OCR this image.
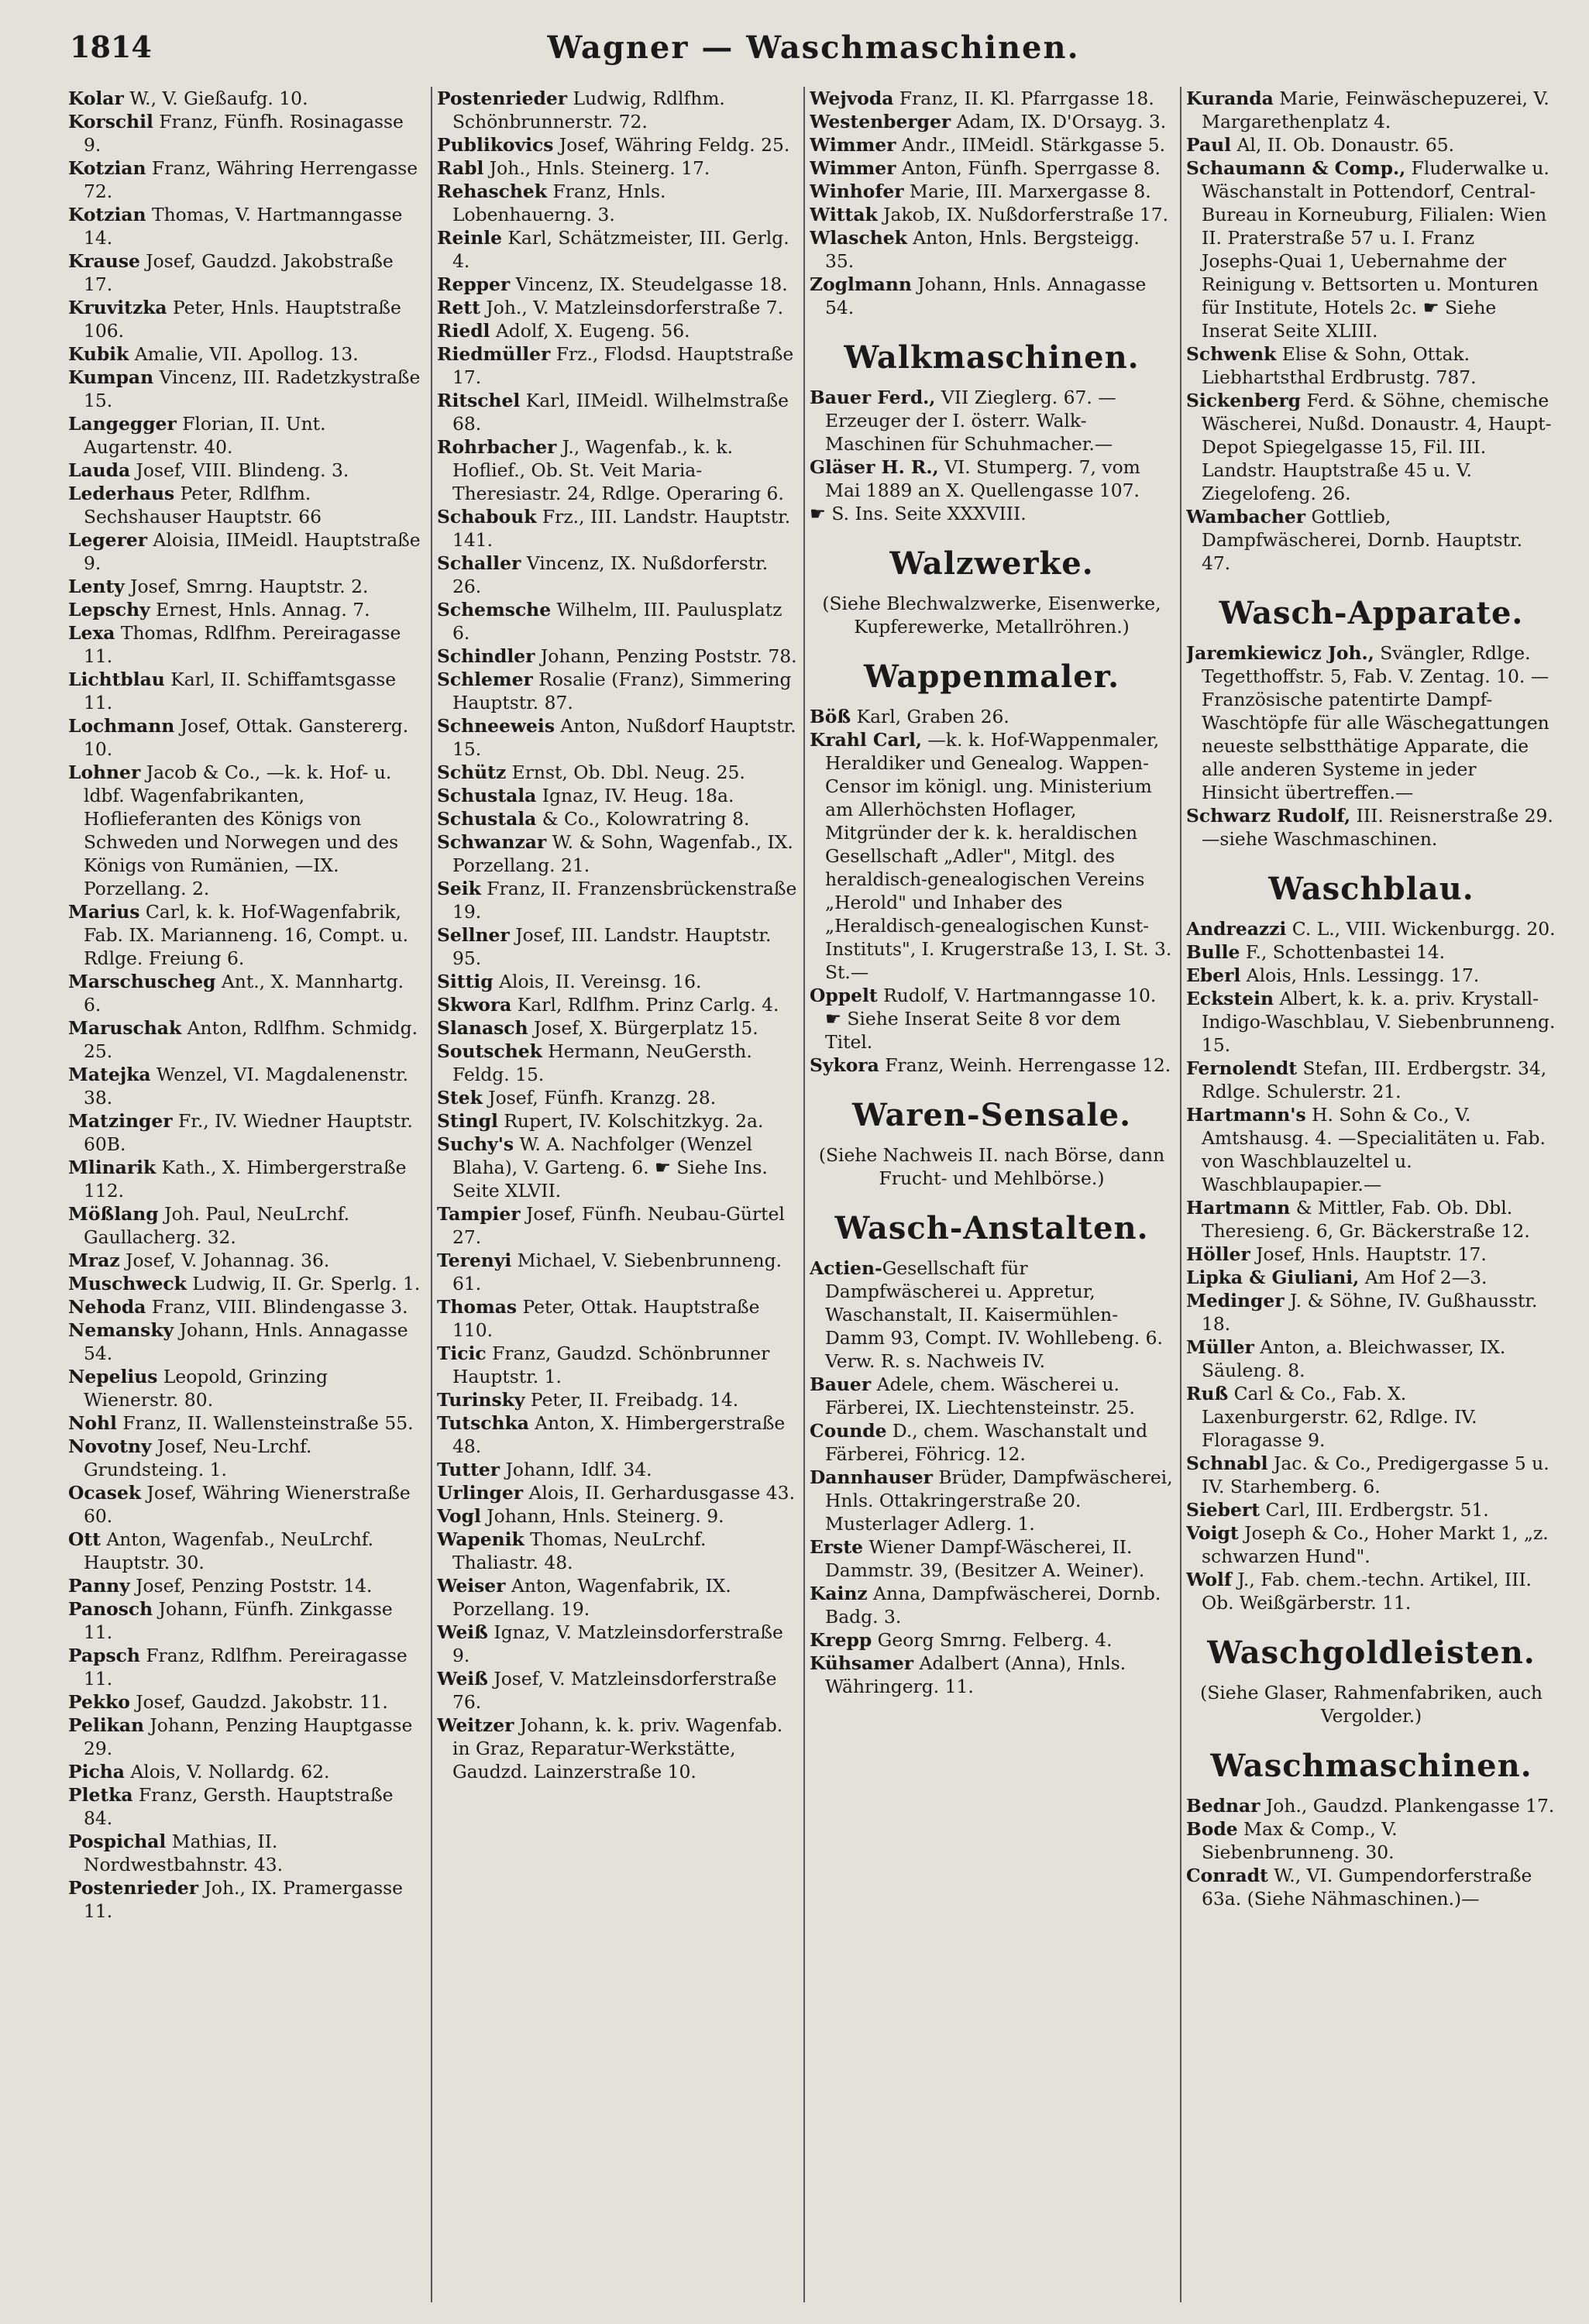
1814	Wagner — Waschmaschinen.

Kolar W., V. Gießaufg. 10.

Korschil Franz, Fünfh. Rosinagasse 9.

Kotzian Franz, Währing Herrengasse 72.

Kotzian Thomas, V. Hartmanngasse 14.

Krause Josef, Gaudzd. Jakobstraße 17.

Kruvitzka Peter, Hnls. Hauptstraße 106.

Kubik Amalie, VII. Apollog. 13.

Kumpan Vincenz, III. Radetzkystraße 15.

Langegger Florian, II. Unt. Augartenstr. 40.

Lauda Josef, VIII. Blindeng. 3.

Lederhaus Peter, Rdlfhm. Sechshauser Hauptstr. 66

Legerer Aloisia, IIMeidl. Hauptstraße 9.

Lenty Josef, Smrng. Hauptstr. 2.

Lepschy Ernest, Hnls. Annag. 7.

Lexa Thomas, Rdlfhm. Pereiragasse 11.

Lichtblau Karl, II. Schiffamtsgasse 11.

Lochmann Josef, Ottak. Ganstererg. 10.

Lohner Jacob & Co., —k. k. Hof- u. ldbf. Wagenfabrikanten, Hoflieferanten des Königs von Schweden und Norwegen und des Königs von Rumänien, —IX. Porzellang. 2.

Marius Carl, k. k. Hof-Wagenfabrik, Fab. IX. Marianneng. 16, Compt. u. Rdlge. Freiung 6.

Marschuscheg Ant., X. Mannhartg. 6.

Maruschak Anton, Rdlfhm. Schmidg. 25.

Matejka Wenzel, VI. Magdalenenstr. 38.

Matzinger Fr., IV. Wiedner Hauptstr. 60B.

Mlinarik Kath., X. Himbergerstraße 112.

Mößlang Joh. Paul, NeuLrchf. Gaullacherg. 32.

Mraz Josef, V. Johannag. 36.

Muschweck Ludwig, II. Gr. Sperlg. 1.

Nehoda Franz, VIII. Blindengasse 3.

Nemansky Johann, Hnls. Annagasse 54.

Nepelius Leopold, Grinzing Wienerstr. 80.

Nohl Franz, II. Wallensteinstraße 55.

Novotny Josef, Neu-Lrchf. Grundsteing. 1.

Ocasek Josef, Währing Wienerstraße 60.

Ott Anton, Wagenfab., NeuLrchf. Hauptstr. 30.

Panny Josef, Penzing Poststr. 14.

Panosch Johann, Fünfh. Zinkgasse 11.

Papsch Franz, Rdlfhm. Pereiragasse 11.

Pekko Josef, Gaudzd. Jakobstr. 11.

Pelikan Johann, Penzing Hauptgasse 29.

Picha Alois, V. Nollardg. 62.

Pletka Franz, Gersth. Hauptstraße 84.

Pospichal Mathias, II. Nordwestbahnstr. 43.

Postenrieder Joh., IX. Pramergasse 11.

Postenrieder Ludwig, Rdlfhm. Schönbrunnerstr. 72.

Publikovics Josef, Währing Feldg. 25.

Rabl Joh., Hnls. Steinerg. 17.

Rehaschek Franz, Hnls. Lobenhauerng. 3.

Reinle Karl, Schätzmeister, III. Gerlg. 4.

Repper Vincenz, IX. Steudelgasse 18.

Rett Joh., V. Matzleinsdorferstraße 7.

Riedl Adolf, X. Eugeng. 56.

Riedmüller Frz., Flodsd. Hauptstraße 17.

Ritschel Karl, IIMeidl. Wilhelmstraße 68.

Rohrbacher J., Wagenfab., k. k. Hoflief., Ob. St. Veit Maria-Theresiastr. 24, Rdlge. Operaring 6.

Schabouk Frz., III. Landstr. Hauptstr. 141.

Schaller Vincenz, IX. Nußdorferstr. 26.

Schemsche Wilhelm, III. Paulusplatz 6.

Schindler Johann, Penzing Poststr. 78.

Schlemer Rosalie (Franz), Simmering Hauptstr. 87.

Schneeweis Anton, Nußdorf Hauptstr. 15.

Schütz Ernst, Ob. Dbl. Neug. 25.

Schustala Ignaz, IV. Heug. 18a.

Schustala & Co., Kolowratring 8.

Schwanzar W. & Sohn, Wagenfab., IX. Porzellang. 21.

Seik Franz, II. Franzensbrückenstraße 19.

Sellner Josef, III. Landstr. Hauptstr. 95.

Sittig Alois, II. Vereinsg. 16.

Skwora Karl, Rdlfhm. Prinz Carlg. 4.

Slanasch Josef, X. Bürgerplatz 15.

Soutschek Hermann, NeuGersth. Feldg. 15.

Stek Josef, Fünfh. Kranzg. 28.

Stingl Rupert, IV. Kolschitzkyg. 2a.

Suchy's W. A. Nachfolger (Wenzel Blaha), V. Garteng. 6. ☛ Siehe Ins. Seite XLVII.

Tampier Josef, Fünfh. Neubau-Gürtel 27.

Terenyi Michael, V. Siebenbrunneng. 61.

Thomas Peter, Ottak. Hauptstraße 110.

Ticic Franz, Gaudzd. Schönbrunner Hauptstr. 1.

Turinsky Peter, II. Freibadg. 14.

Tutschka Anton, X. Himbergerstraße 48.

Tutter Johann, Idlf. 34.

Urlinger Alois, II. Gerhardusgasse 43.

Vogl Johann, Hnls. Steinerg. 9.

Wapenik Thomas, NeuLrchf. Thaliastr. 48.

Weiser Anton, Wagenfabrik, IX. Porzellang. 19.

Weiß Ignaz, V. Matzleinsdorferstraße 9.

Weiß Josef, V. Matzleinsdorferstraße 76.

Weitzer Johann, k. k. priv. Wagenfab. in Graz, Reparatur-Werkstätte, Gaudzd. Lainzerstraße 10.

Wejvoda Franz, II. Kl. Pfarrgasse 18.

Westenberger Adam, IX. D'Orsayg. 3.

Wimmer Andr., IIMeidl. Stärkgasse 5.

Wimmer Anton, Fünfh. Sperrgasse 8.

Winhofer Marie, III. Marxergasse 8.

Wittak Jakob, IX. Nußdorferstraße 17.

Wlaschek Anton, Hnls. Bergsteigg. 35.

Zoglmann Johann, Hnls. Annagasse 54.

Walkmaschinen.

Bauer Ferd., VII Zieglerg. 67. —Erzeuger der I. österr. Walk-Maschinen für Schuhmacher.—

Gläser H. R., VI. Stumperg. 7, vom Mai 1889 an X. Quellengasse 107.

☛ S. Ins. Seite XXXVIII.

Walzwerke.
(Siehe Blechwalzwerke, Eisenwerke, Kupferewerke, Metallröhren.)
Wappenmaler.

Böß Karl, Graben 26.

Krahl Carl, —k. k. Hof-Wappenmaler, Heraldiker und Genealog. Wappen-Censor im königl. ung. Ministerium am Allerhöchsten Hoflager, Mitgründer der k. k. heraldischen Gesellschaft „Adler", Mitgl. des heraldisch-genealogischen Vereins „Herold" und Inhaber des „Heraldisch-genealogischen Kunst-Instituts", I. Krugerstraße 13, I. St. 3. St.—

Oppelt Rudolf, V. Hartmanngasse 10. ☛ Siehe Inserat Seite 8 vor dem Titel.

Sykora Franz, Weinh. Herrengasse 12.

Waren-Sensale.
(Siehe Nachweis II. nach Börse, dann Frucht- und Mehlbörse.)
Wasch-Anstalten.

Actien-Gesellschaft für Dampfwäscherei u. Appretur, Waschanstalt, II. Kaisermühlen-Damm 93, Compt. IV. Wohllebeng. 6. Verw. R. s. Nachweis IV.

Bauer Adele, chem. Wäscherei u. Färberei, IX. Liechtensteinstr. 25.

Counde D., chem. Waschanstalt und Färberei, Föhricg. 12.

Dannhauser Brüder, Dampfwäscherei, Hnls. Ottakringerstraße 20. Musterlager Adlerg. 1.

Erste Wiener Dampf-Wäscherei, II. Dammstr. 39, (Besitzer A. Weiner).

Kainz Anna, Dampfwäscherei, Dornb. Badg. 3.

Krepp Georg Smrng. Felberg. 4.

Kühsamer Adalbert (Anna), Hnls. Währingerg. 11.

Kuranda Marie, Feinwäschepuzerei, V. Margarethenplatz 4.

Paul Al, II. Ob. Donaustr. 65.

Schaumann & Comp., Fluderwalke u. Wäschanstalt in Pottendorf, Central-Bureau in Korneuburg, Filialen: Wien II. Praterstraße 57 u. I. Franz Josephs-Quai 1, Uebernahme der Reinigung v. Bettsorten u. Monturen für Institute, Hotels 2c. ☛ Siehe Inserat Seite XLIII.

Schwenk Elise & Sohn, Ottak. Liebhartsthal Erdbrustg. 787.

Sickenberg Ferd. & Söhne, chemische Wäscherei, Nußd. Donaustr. 4, Haupt-Depot Spiegelgasse 15, Fil. III. Landstr. Hauptstraße 45 u. V. Ziegelofeng. 26.

Wambacher Gottlieb, Dampfwäscherei, Dornb. Hauptstr. 47.

Wasch-Apparate.

Jaremkiewicz Joh., Svängler, Rdlge. Tegetthoffstr. 5, Fab. V. Zentag. 10. —Französische patentirte Dampf-Waschtöpfe für alle Wäschegattungen neueste selbstthätige Apparate, die alle anderen Systeme in jeder Hinsicht übertreffen.—

Schwarz Rudolf, III. Reisnerstraße 29. —siehe Waschmaschinen.

Waschblau.

Andreazzi C. L., VIII. Wickenburgg. 20.

Bulle F., Schottenbastei 14.

Eberl Alois, Hnls. Lessingg. 17.

Eckstein Albert, k. k. a. priv. Krystall-Indigo-Waschblau, V. Siebenbrunneng. 15.

Fernolendt Stefan, III. Erdbergstr. 34, Rdlge. Schulerstr. 21.

Hartmann's H. Sohn & Co., V. Amtshausg. 4. —Specialitäten u. Fab. von Waschblauzeltel u. Waschblaupapier.—

Hartmann & Mittler, Fab. Ob. Dbl. Theresieng. 6, Gr. Bäckerstraße 12.

Höller Josef, Hnls. Hauptstr. 17.

Lipka & Giuliani, Am Hof 2—3.

Medinger J. & Söhne, IV. Gußhausstr. 18.

Müller Anton, a. Bleichwasser, IX. Säuleng. 8.

Ruß Carl & Co., Fab. X. Laxenburgerstr. 62, Rdlge. IV. Floragasse 9.

Schnabl Jac. & Co., Predigergasse 5 u. IV. Starhemberg. 6.

Siebert Carl, III. Erdbergstr. 51.

Voigt Joseph & Co., Hoher Markt 1, „z. schwarzen Hund".

Wolf J., Fab. chem.-techn. Artikel, III. Ob. Weißgärberstr. 11.

Waschgoldleisten.
(Siehe Glaser, Rahmenfabriken, auch Vergolder.)
Waschmaschinen.

Bednar Joh., Gaudzd. Plankengasse 17.

Bode Max & Comp., V. Siebenbrunneng. 30.

Conradt W., VI. Gumpendorferstraße 63a. (Siehe Nähmaschinen.)—
